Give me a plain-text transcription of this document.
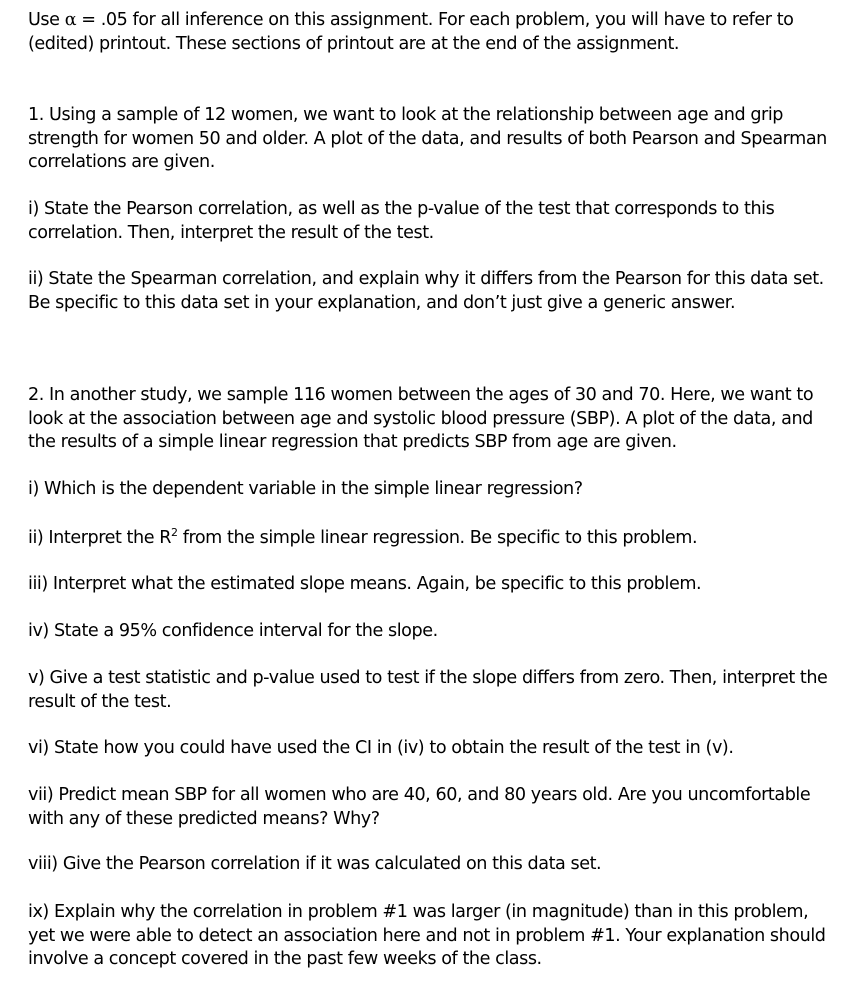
Use α = .05 for all inference on this assignment. For each problem, you will have to refer to (edited) printout. These sections of printout are at the end of the assignment.

1. Using a sample of 12 women, we want to look at the relationship between age and grip strength for women 50 and older. A plot of the data, and results of both Pearson and Spearman correlations are given.

i) State the Pearson correlation, as well as the p-value of the test that corresponds to this correlation. Then, interpret the result of the test.

ii) State the Spearman correlation, and explain why it differs from the Pearson for this data set. Be specific to this data set in your explanation, and don’t just give a generic answer.

2. In another study, we sample 116 women between the ages of 30 and 70. Here, we want to look at the association between age and systolic blood pressure (SBP). A plot of the data, and the results of a simple linear regression that predicts SBP from age are given.

i) Which is the dependent variable in the simple linear regression?

ii) Interpret the $R^2$ from the simple linear regression. Be specific to this problem.

iii) Interpret what the estimated slope means. Again, be specific to this problem.

iv) State a 95% confidence interval for the slope.

v) Give a test statistic and p-value used to test if the slope differs from zero. Then, interpret the result of the test.

vi) State how you could have used the CI in (iv) to obtain the result of the test in (v).

vii) Predict mean SBP for all women who are 40, 60, and 80 years old. Are you uncomfortable with any of these predicted means? Why?

viii) Give the Pearson correlation if it was calculated on this data set.

ix) Explain why the correlation in problem #1 was larger (in magnitude) than in this problem, yet we were able to detect an association here and not in problem #1. Your explanation should involve a concept covered in the past few weeks of the class.
